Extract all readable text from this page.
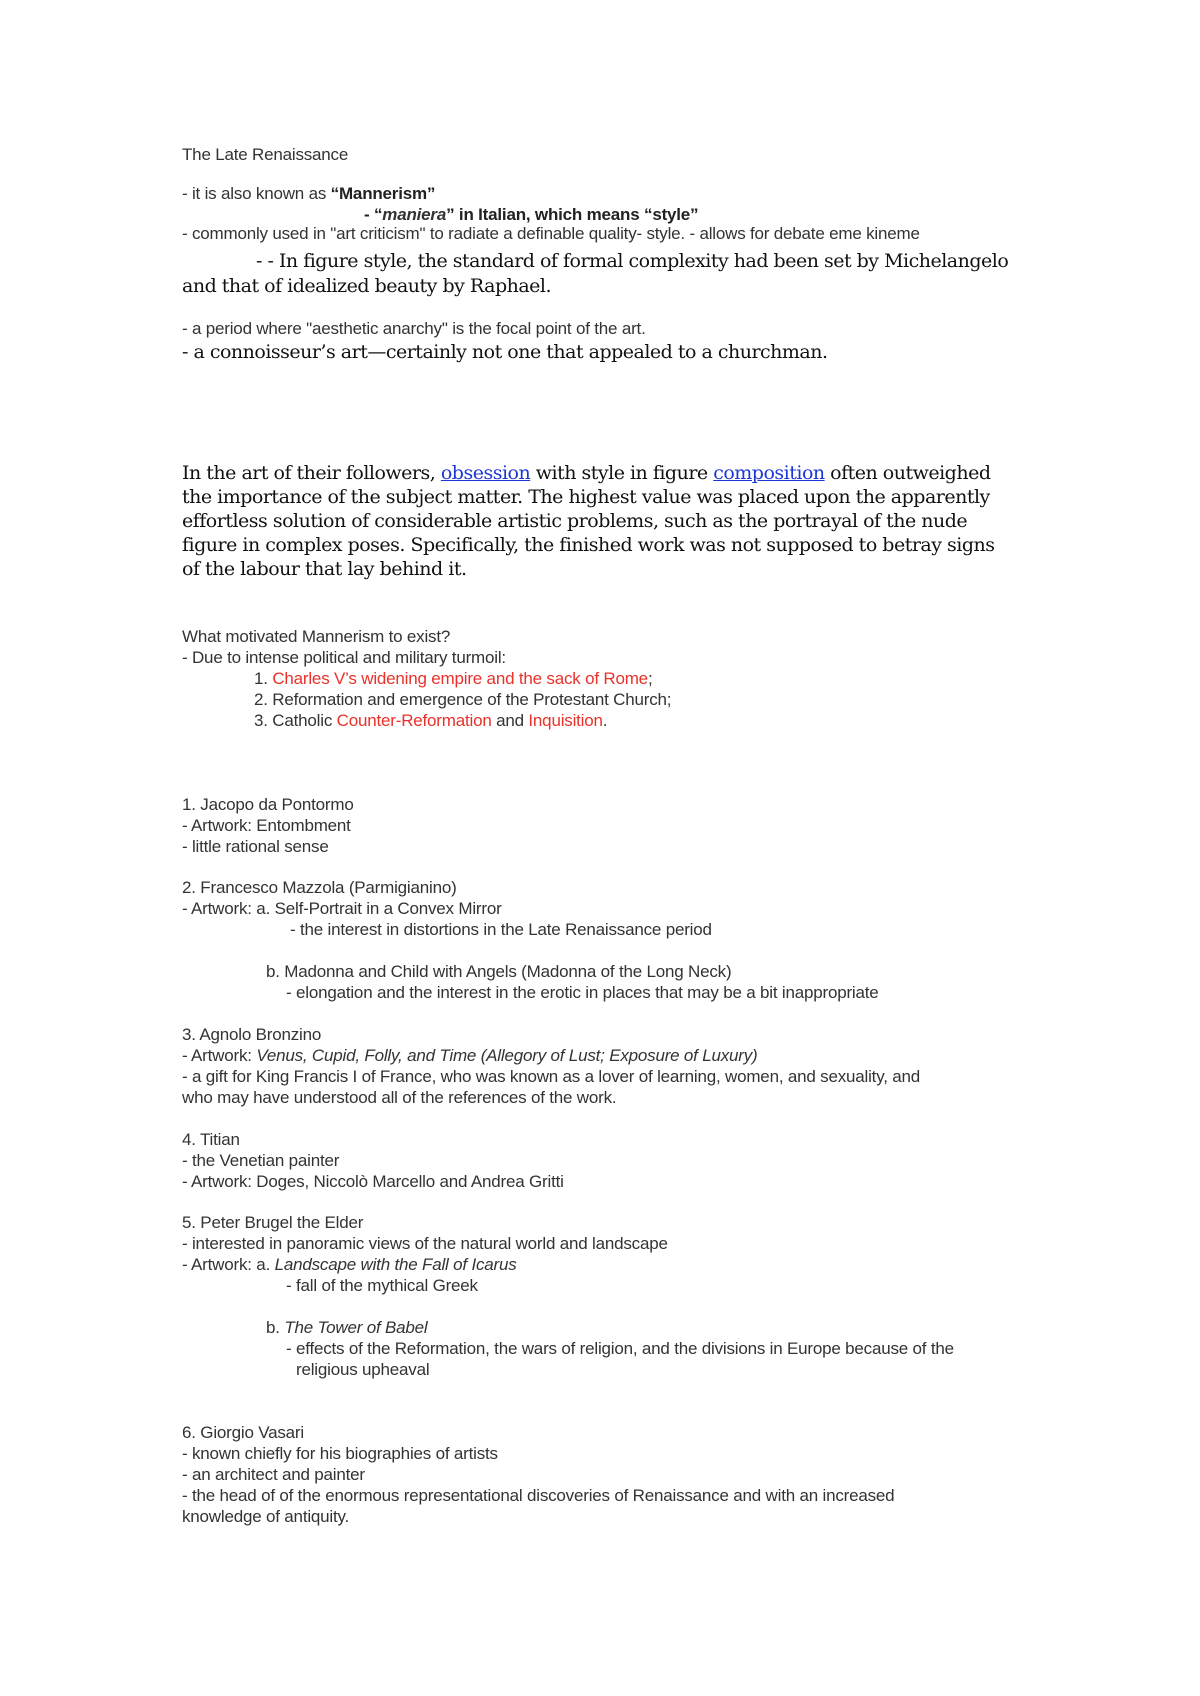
The Late Renaissance
- it is also known as “Mannerism”
- “maniera” in Italian, which means “style”
- commonly used in "art criticism" to radiate a definable quality- style. - allows for debate eme kineme
- - In figure style, the standard of formal complexity had been set by Michelangelo
and that of idealized beauty by Raphael.
- a period where "aesthetic anarchy" is the focal point of the art.
- a connoisseur’s art—certainly not one that appealed to a churchman.
In the art of their followers, obsession with style in figure composition often outweighed
the importance of the subject matter. The highest value was placed upon the apparently
effortless solution of considerable artistic problems, such as the portrayal of the nude
figure in complex poses. Specifically, the finished work was not supposed to betray signs
of the labour that lay behind it.
What motivated Mannerism to exist?
- Due to intense political and military turmoil:
1. Charles V’s widening empire and the sack of Rome;
2. Reformation and emergence of the Protestant Church;
3. Catholic Counter-Reformation and Inquisition.
1. Jacopo da Pontormo
- Artwork: Entombment
- little rational sense
2. Francesco Mazzola (Parmigianino)
- Artwork: a. Self-Portrait in a Convex Mirror
- the interest in distortions in the Late Renaissance period
b. Madonna and Child with Angels (Madonna of the Long Neck)
- elongation and the interest in the erotic in places that may be a bit inappropriate
3. Agnolo Bronzino
- Artwork: Venus, Cupid, Folly, and Time (Allegory of Lust; Exposure of Luxury)
- a gift for King Francis I of France, who was known as a lover of learning, women, and sexuality, and
who may have understood all of the references of the work.
4. Titian
- the Venetian painter
- Artwork: Doges, Niccolò Marcello and Andrea Gritti
5. Peter Brugel the Elder
- interested in panoramic views of the natural world and landscape
- Artwork: a. Landscape with the Fall of Icarus
- fall of the mythical Greek
b. The Tower of Babel
- effects of the Reformation, the wars of religion, and the divisions in Europe because of the
religious upheaval
6. Giorgio Vasari
- known chiefly for his biographies of artists
- an architect and painter
- the head of of the enormous representational discoveries of Renaissance and with an increased
knowledge of antiquity.
